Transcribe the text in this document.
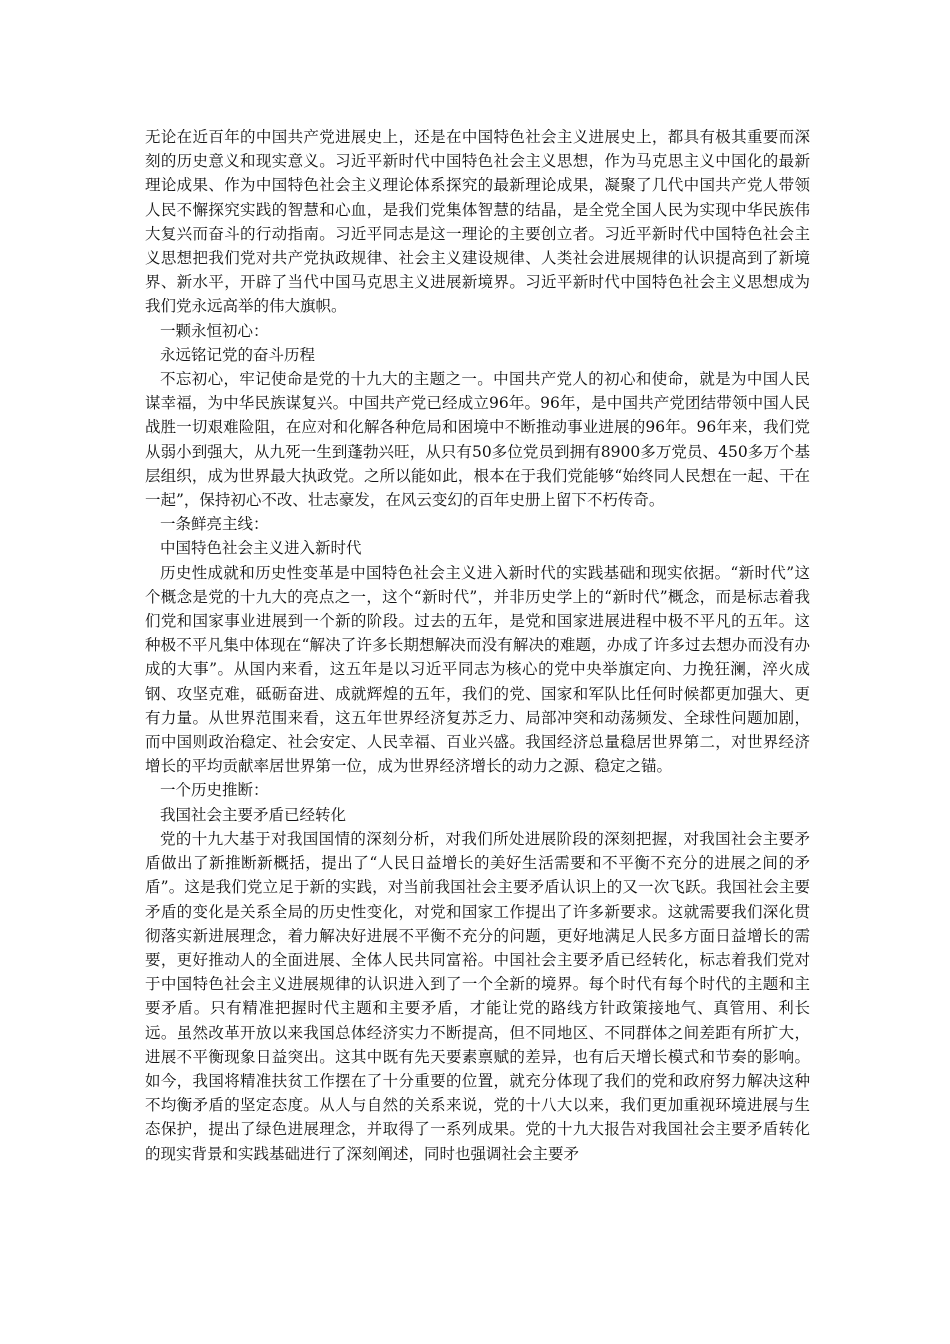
无论在近百年的中国共产党进展史上，还是在中国特色社会主义进展史上，都具有极其重要而深刻的历史意义和现实意义。习近平新时代中国特色社会主义思想，作为马克思主义中国化的最新理论成果、作为中国特色社会主义理论体系探究的最新理论成果，凝聚了几代中国共产党人带领人民不懈探究实践的智慧和心血，是我们党集体智慧的结晶，是全党全国人民为实现中华民族伟大复兴而奋斗的行动指南。习近平同志是这一理论的主要创立者。习近平新时代中国特色社会主义思想把我们党对共产党执政规律、社会主义建设规律、人类社会进展规律的认识提高到了新境界、新水平，开辟了当代中国马克思主义进展新境界。习近平新时代中国特色社会主义思想成为我们党永远高举的伟大旗帜。

一颗永恒初心：

永远铭记党的奋斗历程

不忘初心，牢记使命是党的十九大的主题之一。中国共产党人的初心和使命，就是为中国人民谋幸福，为中华民族谋复兴。中国共产党已经成立96年。96年，是中国共产党团结带领中国人民战胜一切艰难险阻，在应对和化解各种危局和困境中不断推动事业进展的96年。96年来，我们党从弱小到强大，从九死一生到蓬勃兴旺，从只有50多位党员到拥有8900多万党员、450多万个基层组织，成为世界最大执政党。之所以能如此，根本在于我们党能够“始终同人民想在一起、干在一起”，保持初心不改、壮志豪发，在风云变幻的百年史册上留下不朽传奇。

一条鲜亮主线：

中国特色社会主义进入新时代

历史性成就和历史性变革是中国特色社会主义进入新时代的实践基础和现实依据。“新时代”这个概念是党的十九大的亮点之一，这个“新时代”，并非历史学上的“新时代”概念，而是标志着我们党和国家事业进展到一个新的阶段。过去的五年，是党和国家进展进程中极不平凡的五年。这种极不平凡集中体现在“解决了许多长期想解决而没有解决的难题，办成了许多过去想办而没有办成的大事”。从国内来看，这五年是以习近平同志为核心的党中央举旗定向、力挽狂澜，淬火成钢、攻坚克难，砥砺奋进、成就辉煌的五年，我们的党、国家和军队比任何时候都更加强大、更有力量。从世界范围来看，这五年世界经济复苏乏力、局部冲突和动荡频发、全球性问题加剧，而中国则政治稳定、社会安定、人民幸福、百业兴盛。我国经济总量稳居世界第二，对世界经济增长的平均贡献率居世界第一位，成为世界经济增长的动力之源、稳定之锚。

一个历史推断：

我国社会主要矛盾已经转化

党的十九大基于对我国国情的深刻分析，对我们所处进展阶段的深刻把握，对我国社会主要矛盾做出了新推断新概括，提出了“人民日益增长的美好生活需要和不平衡不充分的进展之间的矛盾”。这是我们党立足于新的实践，对当前我国社会主要矛盾认识上的又一次飞跃。我国社会主要矛盾的变化是关系全局的历史性变化，对党和国家工作提出了许多新要求。这就需要我们深化贯彻落实新进展理念，着力解决好进展不平衡不充分的问题，更好地满足人民多方面日益增长的需要，更好推动人的全面进展、全体人民共同富裕。中国社会主要矛盾已经转化，标志着我们党对于中国特色社会主义进展规律的认识进入到了一个全新的境界。每个时代有每个时代的主题和主要矛盾。只有精准把握时代主题和主要矛盾，才能让党的路线方针政策接地气、真管用、利长远。虽然改革开放以来我国总体经济实力不断提高，但不同地区、不同群体之间差距有所扩大，进展不平衡现象日益突出。这其中既有先天要素禀赋的差异，也有后天增长模式和节奏的影响。如今，我国将精准扶贫工作摆在了十分重要的位置，就充分体现了我们的党和政府努力解决这种不均衡矛盾的坚定态度。从人与自然的关系来说，党的十八大以来，我们更加重视环境进展与生态保护，提出了绿色进展理念，并取得了一系列成果。党的十九大报告对我国社会主要矛盾转化的现实背景和实践基础进行了深刻阐述，同时也强调社会主要矛
